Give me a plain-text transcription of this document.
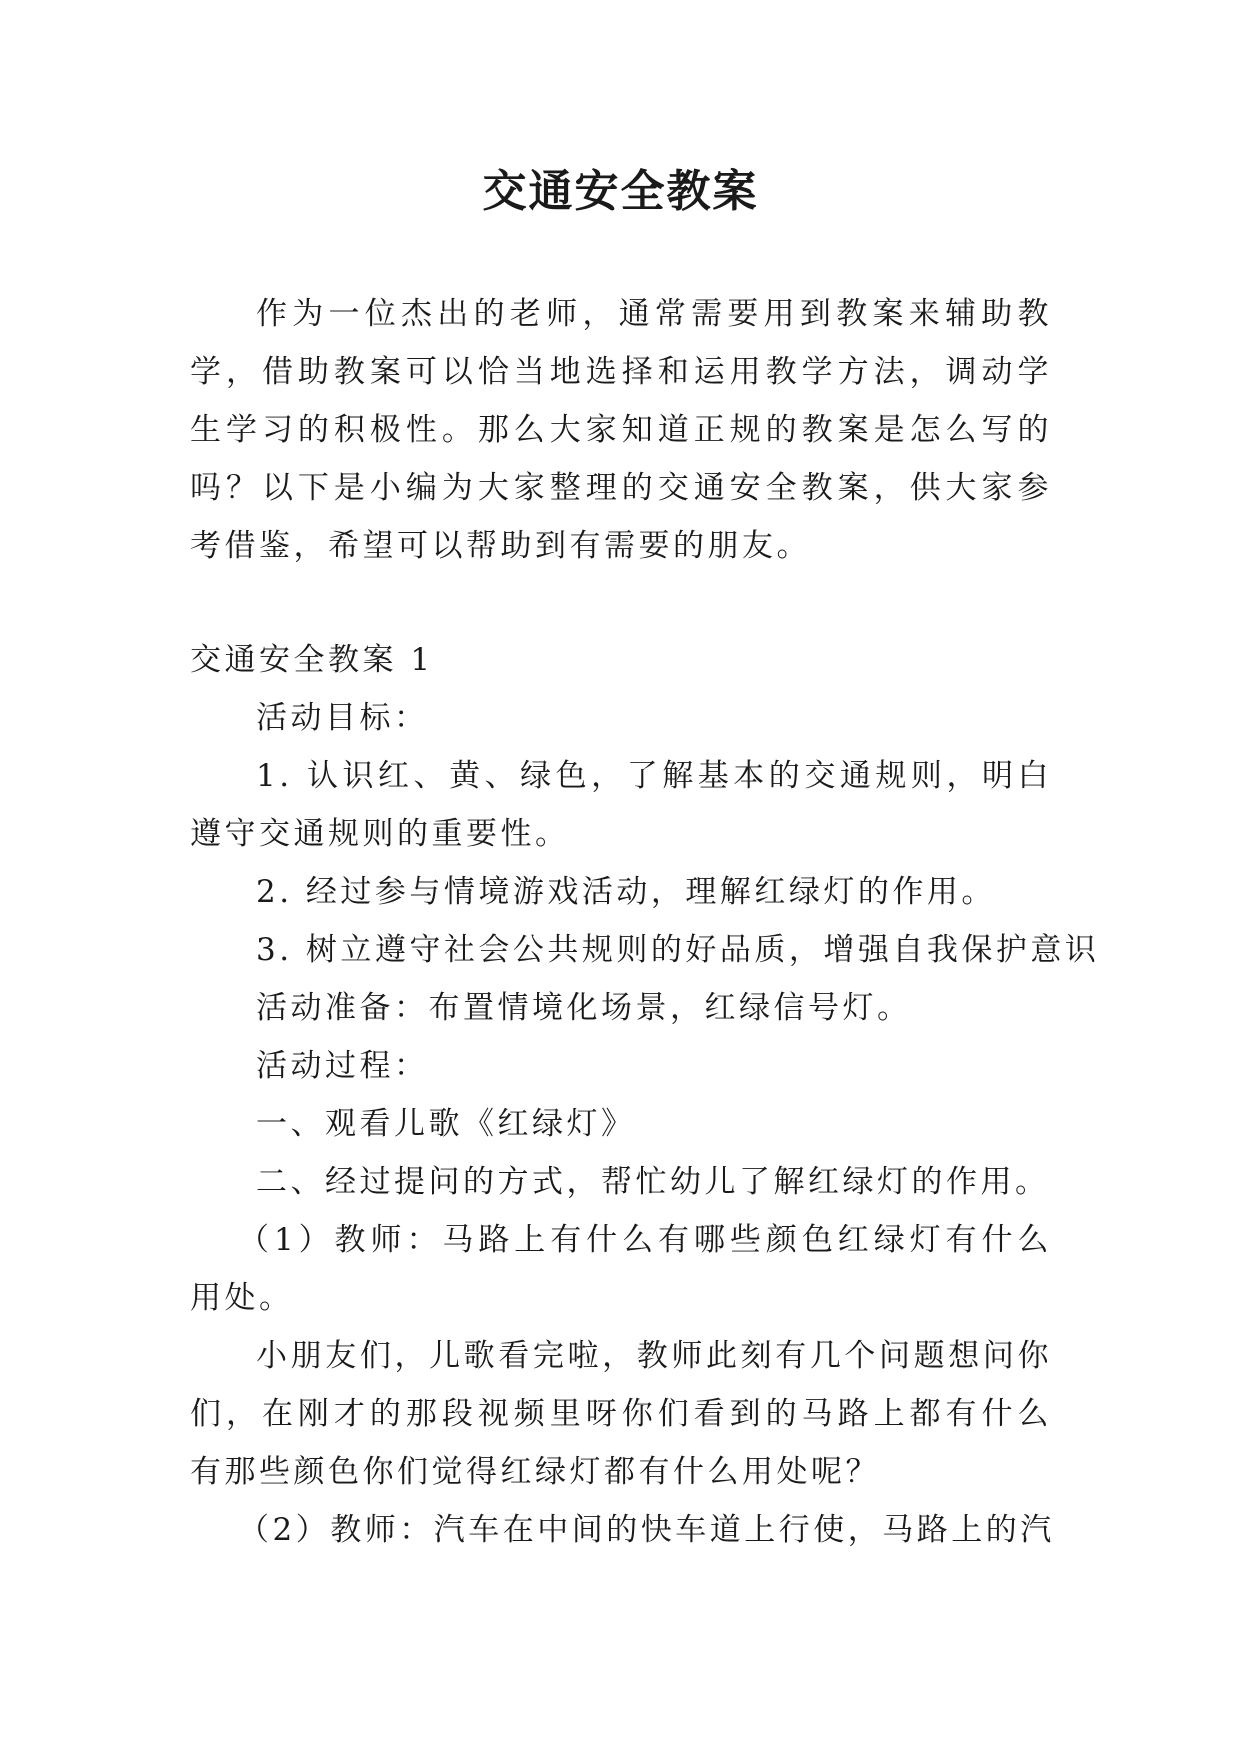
交通安全教案

作为一位杰出的老师，通常需要用到教案来辅助教学，借助教案可以恰当地选择和运用教学方法，调动学生学习的积极性。那么大家知道正规的教案是怎么写的吗？以下是小编为大家整理的交通安全教案，供大家参考借鉴，希望可以帮助到有需要的朋友。

交通安全教案 1

活动目标：

1. 认识红、黄、绿色，了解基本的交通规则，明白遵守交通规则的重要性。

2. 经过参与情境游戏活动，理解红绿灯的作用。

3. 树立遵守社会公共规则的好品质，增强自我保护意识

活动准备：布置情境化场景，红绿信号灯。

活动过程：

一、观看儿歌《红绿灯》

二、经过提问的方式，帮忙幼儿了解红绿灯的作用。

（1）教师：马路上有什么有哪些颜色红绿灯有什么用处。

小朋友们，儿歌看完啦，教师此刻有几个问题想问你们，在刚才的那段视频里呀你们看到的马路上都有什么有那些颜色你们觉得红绿灯都有什么用处呢？

（2）教师：汽车在中间的快车道上行使，马路上的汽
